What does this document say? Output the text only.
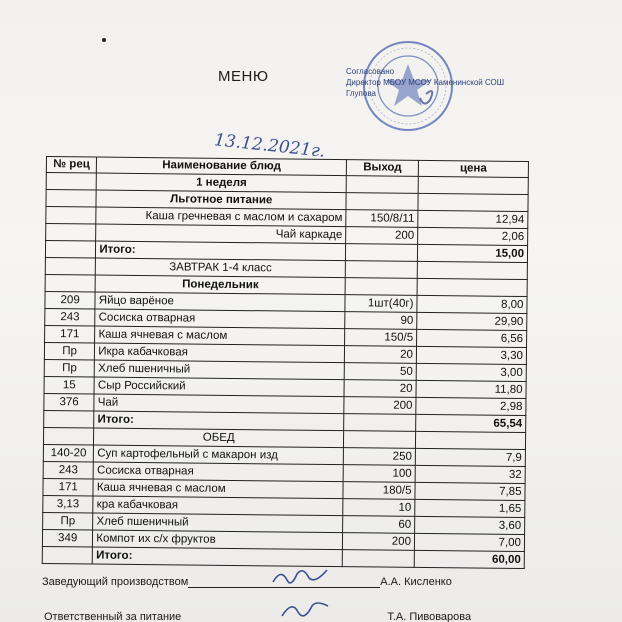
МЕНЮ	Согласовано
Директор МБОУ МСОУ Каменинской СОШ
Глупова
13.12.2021г.
№ рец	Наименование блюд	Выход	цена
	1 неделя		
	Льготное питание		
	Каша гречневая с маслом и сахаром	150/8/11	12,94
	Чай каркаде	200	2,06
	Итого:		15,00
	ЗАВТРАК 1-4 класс		
	Понедельник		
209	Яйцо варёное	1шт(40г)	8,00
243	Сосиска отварная	90	29,90
171	Каша ячневая с маслом	150/5	6,56
Пр	Икра кабачковая	20	3,30
Пр	Хлеб пшеничный	50	3,00
15	Сыр Российский	20	11,80
376	Чай	200	2,98
	Итого:		65,54
	ОБЕД		
140-20	Суп картофельный с макарон изд	250	7,9
243	Сосиска отварная	100	32
171	Каша ячневая с маслом	180/5	7,85
3,13	кра кабачковая	10	1,65
Пр	Хлеб пшеничный	60	3,60
349	Компот их с/х фруктов	200	7,00
	Итого:		60,00
Заведующий производством	А.А. Кисленко
Ответственный за питание	Т.А. Пивоварова
